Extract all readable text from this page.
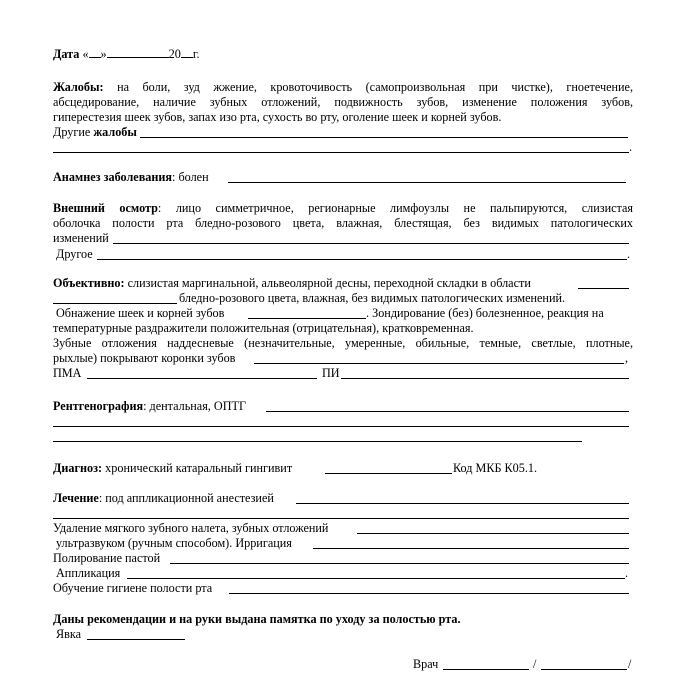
Дата « »	20 г.
Жалобы: на боли, зуд жжение, кровоточивость (самопроизвольная при чистке), гноетечение,
абсцедирование, наличие зубных отложений, подвижность зубов, изменение положения зубов,
гиперестезия шеек зубов, запах изо рта, сухость во рту, оголение шеек и корней зубов.
Другие жалобы
.
Анамнез заболевания: болен
Внешний осмотр: лицо симметричное, регионарные лимфоузлы не пальпируются, слизистая
оболочка полости рта бледно-розового цвета, влажная, блестящая, без видимых патологических
изменений
Другое	.
Объективно: слизистая маргинальной, альвеолярной десны, переходной складки в области
бледно-розового цвета, влажная, без видимых патологических изменений.
Обнажение шеек и корней зубов	. Зондирование (без) болезненное, реакция на
температурные раздражители положительная (отрицательная), кратковременная.
Зубные отложения наддесневые (незначительные, умеренные, обильные, темные, светлые, плотные,
рыхлые) покрывают коронки зубов	,
ПМА	ПИ
Рентгенография: дентальная, ОПТГ
Диагноз: хронический катаральный гингивит	Код МКБ К05.1.
Лечение: под аппликационной анестезией
Удаление мягкого зубного налета, зубных отложений
ультразвуком (ручным способом). Ирригация
Полирование пастой
Аппликация	.
Обучение гигиене полости рта
Даны рекомендации и на руки выдана памятка по уходу за полостью рта.
Явка
Врач	/	/
